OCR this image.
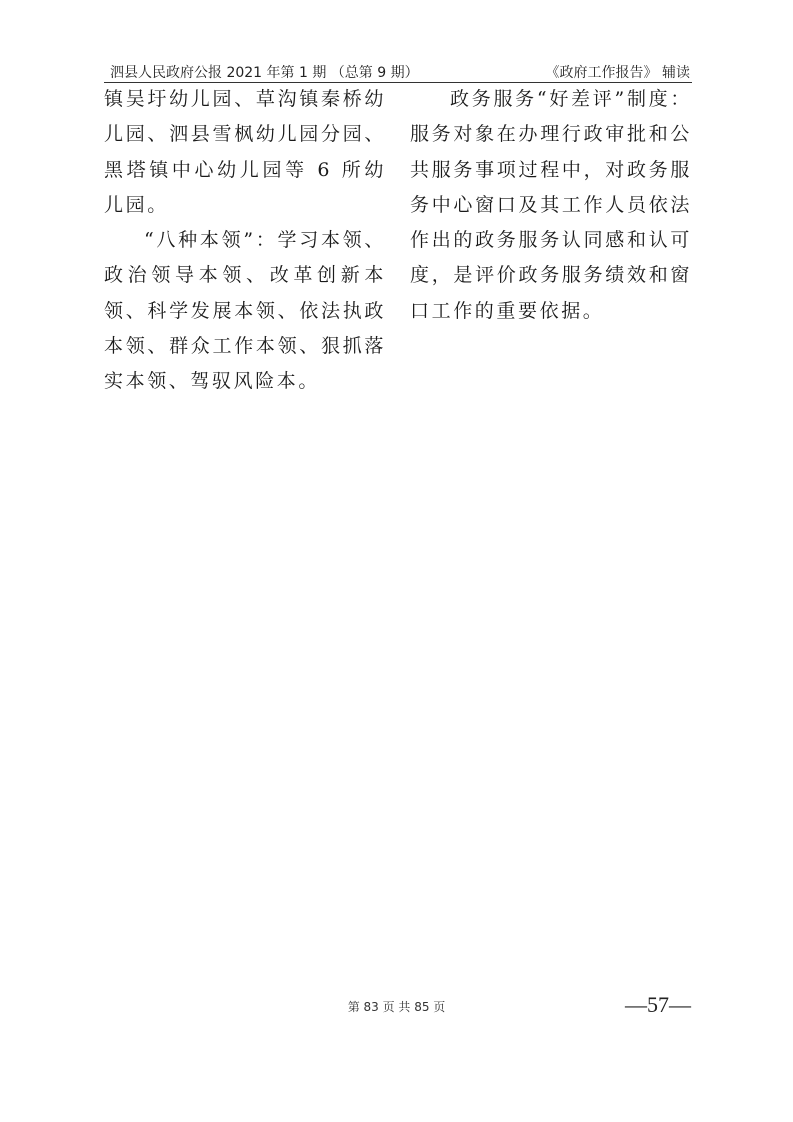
泗县人民政府公报 2021 年第 1 期 （总第 9 期）	《政府工作报告》 辅读

镇吴圩幼儿园、草沟镇秦桥幼儿园、泗县雪枫幼儿园分园、黑塔镇中心幼儿园等 6 所幼儿园。

“八种本领”：学习本领、政治领导本领、改革创新本领、科学发展本领、依法执政本领、群众工作本领、狠抓落实本领、驾驭风险本。

政务服务“好差评”制度：服务对象在办理行政审批和公共服务事项过程中，对政务服务中心窗口及其工作人员依法作出的政务服务认同感和认可度，是评价政务服务绩效和窗口工作的重要依据。

第 83 页 共 85 页	—57—
